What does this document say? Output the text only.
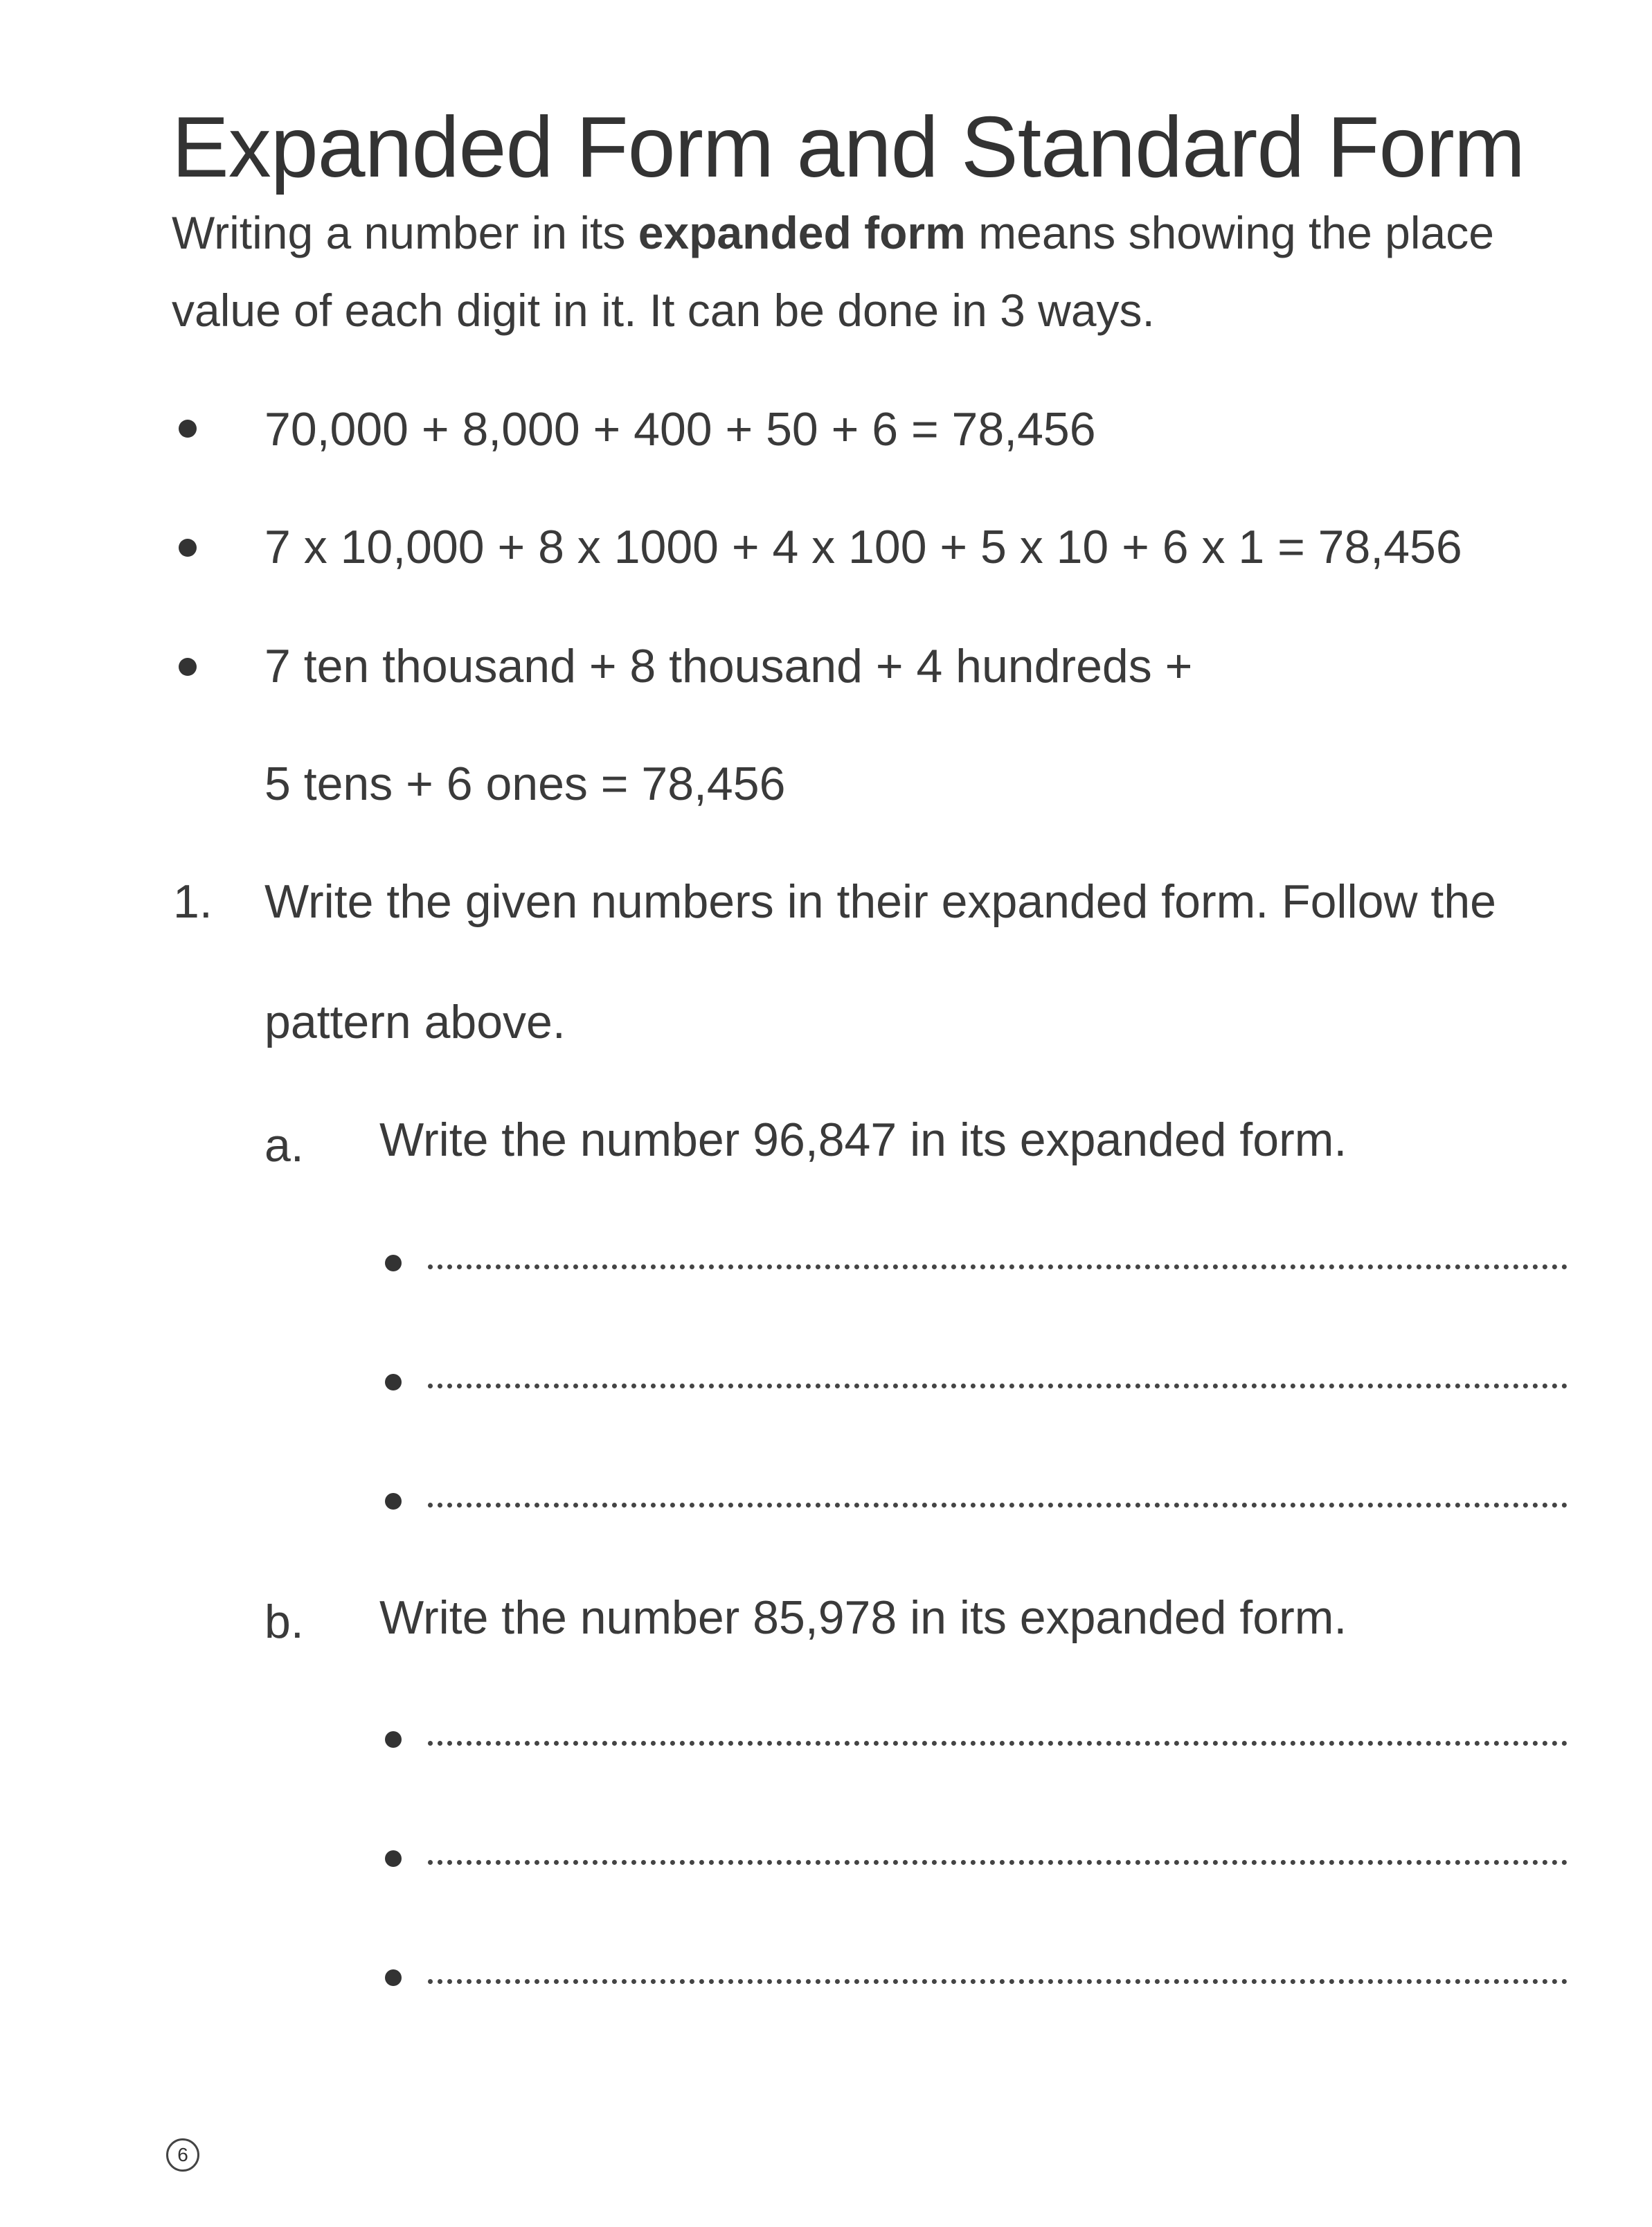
Expanded Form and Standard Form
Writing a number in its expanded form means showing the place
value of each digit in it. It can be done in 3 ways.
70,000 + 8,000 + 400 + 50 + 6 = 78,456
7 x 10,000 + 8 x 1000 + 4 x 100 + 5 x 10 + 6 x 1 = 78,456
7 ten thousand + 8 thousand + 4 hundreds +
5 tens + 6 ones = 78,456
1. Write the given numbers in their expanded form. Follow the
pattern above.
a. Write the number 96,847 in its expanded form.
b. Write the number 85,978 in its expanded form.
6
